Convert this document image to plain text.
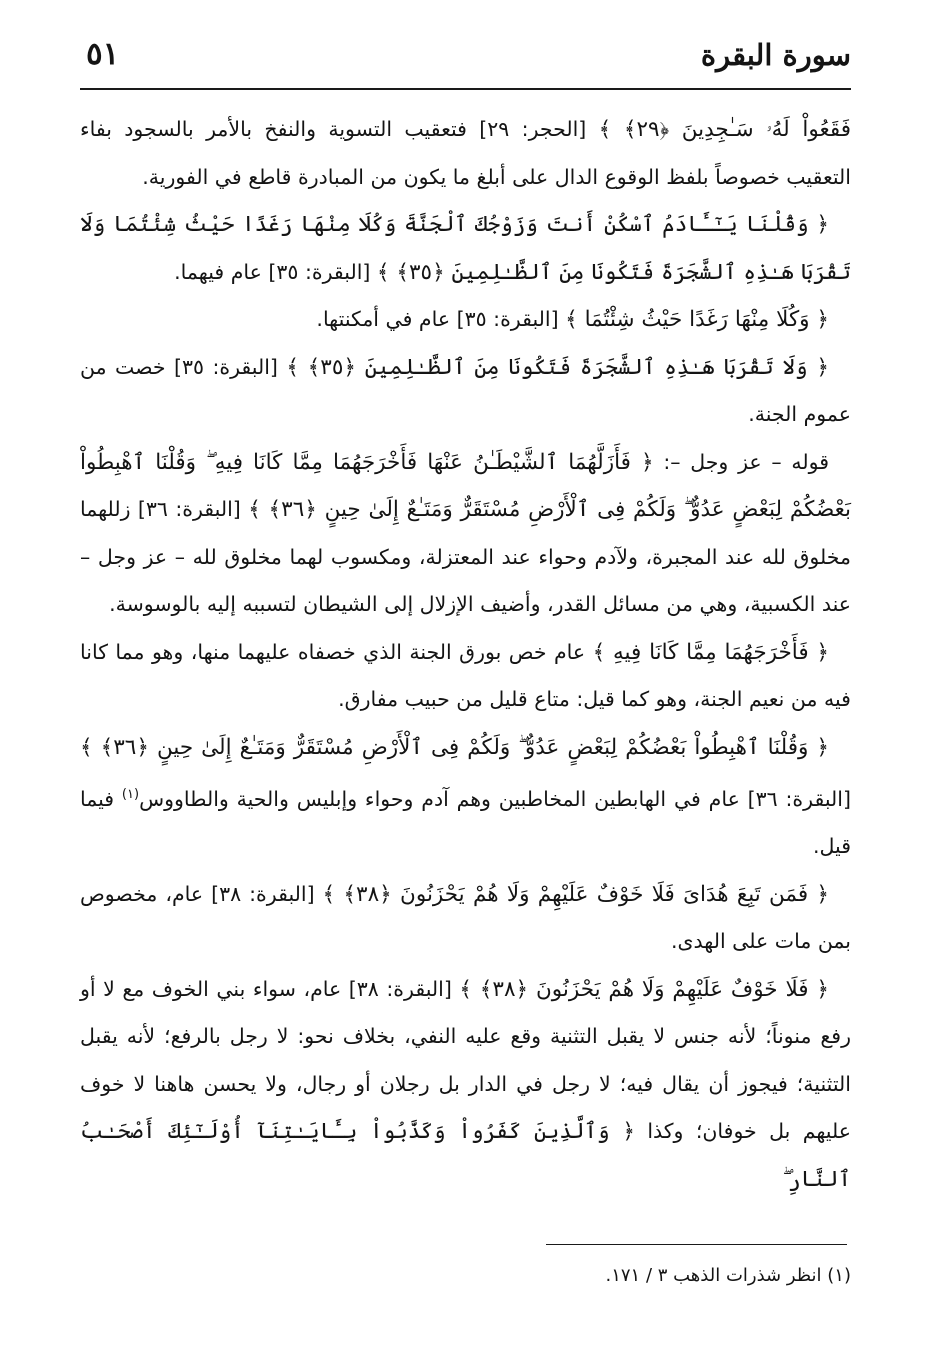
سورة البقرة
٥١

فَقَعُواْ لَهُۥ سَـٰجِدِينَ ﴿٢٩﴾ ﴾ [الحجر: ٢٩] فتعقيب التسوية والنفخ بالأمر بالسجود بفاء التعقيب خصوصاً بلفظ الوقوع الدال على أبلغ ما يكون من المبادرة قاطع في الفورية.

﴿ وَقُلْنَا يَـٰٓـَٔادَمُ ٱسْكُنْ أَنتَ وَزَوْجُكَ ٱلْجَنَّةَ وَكُلَا مِنْهَا رَغَدًا حَيْثُ شِئْتُمَا وَلَا تَقْرَبَا هَـٰذِهِ ٱلشَّجَرَةَ فَتَكُونَا مِنَ ٱلظَّـٰلِمِينَ ﴿٣٥﴾ ﴾ [البقرة: ٣٥] عام فيهما.

﴿ وَكُلَا مِنْهَا رَغَدًا حَيْثُ شِئْتُمَا ﴾ [البقرة: ٣٥] عام في أمكنتها.

﴿ وَلَا تَقْرَبَا هَـٰذِهِ ٱلشَّجَرَةَ فَتَكُونَا مِنَ ٱلظَّـٰلِمِينَ ﴿٣٥﴾ ﴾ [البقرة: ٣٥] خصت من عموم الجنة.

قوله – عز وجل –: ﴿ فَأَزَلَّهُمَا ٱلشَّيْطَـٰنُ عَنْهَا فَأَخْرَجَهُمَا مِمَّا كَانَا فِيهِ ۖ وَقُلْنَا ٱهْبِطُواْ بَعْضُكُمْ لِبَعْضٍ عَدُوٌّ ۖ وَلَكُمْ فِى ٱلْأَرْضِ مُسْتَقَرٌّ وَمَتَـٰعٌ إِلَىٰ حِينٍ ﴿٣٦﴾ ﴾ [البقرة: ٣٦] زللهما مخلوق لله عند المجبرة، ولآدم وحواء عند المعتزلة، ومكسوب لهما مخلوق لله – عز وجل – عند الكسبية، وهي من مسائل القدر، وأضيف الإزلال إلى الشيطان لتسببه إليه بالوسوسة.

﴿ فَأَخْرَجَهُمَا مِمَّا كَانَا فِيهِ ﴾ عام خص بورق الجنة الذي خصفاه عليهما منها، وهو مما كانا فيه من نعيم الجنة، وهو كما قيل: متاع قليل من حبيب مفارق.

﴿ وَقُلْنَا ٱهْبِطُواْ بَعْضُكُمْ لِبَعْضٍ عَدُوٌّ ۖ وَلَكُمْ فِى ٱلْأَرْضِ مُسْتَقَرٌّ وَمَتَـٰعٌ إِلَىٰ حِينٍ ﴿٣٦﴾ ﴾ [البقرة: ٣٦] عام في الهابطين المخاطبين وهم آدم وحواء وإبليس والحية والطاووس$^{(١)}$ فيما قيل.

﴿ فَمَن تَبِعَ هُدَاىَ فَلَا خَوْفٌ عَلَيْهِمْ وَلَا هُمْ يَحْزَنُونَ ﴿٣٨﴾ ﴾ [البقرة: ٣٨] عام، مخصوص بمن مات على الهدى.

﴿ فَلَا خَوْفٌ عَلَيْهِمْ وَلَا هُمْ يَحْزَنُونَ ﴿٣٨﴾ ﴾ [البقرة: ٣٨] عام، سواء بني الخوف مع لا أو رفع منوناً؛ لأنه جنس لا يقبل التثنية وقع عليه النفي، بخلاف نحو: لا رجل بالرفع؛ لأنه يقبل التثنية؛ فيجوز أن يقال فيه؛ لا رجل في الدار بل رجلان أو رجال، ولا يحسن هاهنا لا خوف عليهم بل خوفان؛ وكذا ﴿ وَٱلَّذِينَ كَفَرُواْ وَكَذَّبُواْ بِـَٔايَـٰتِنَآ أُوْلَـٰٓئِكَ أَصْحَـٰبُ ٱلنَّارِ ۖ

(١) انظر شذرات الذهب ٣ / ١٧١.
